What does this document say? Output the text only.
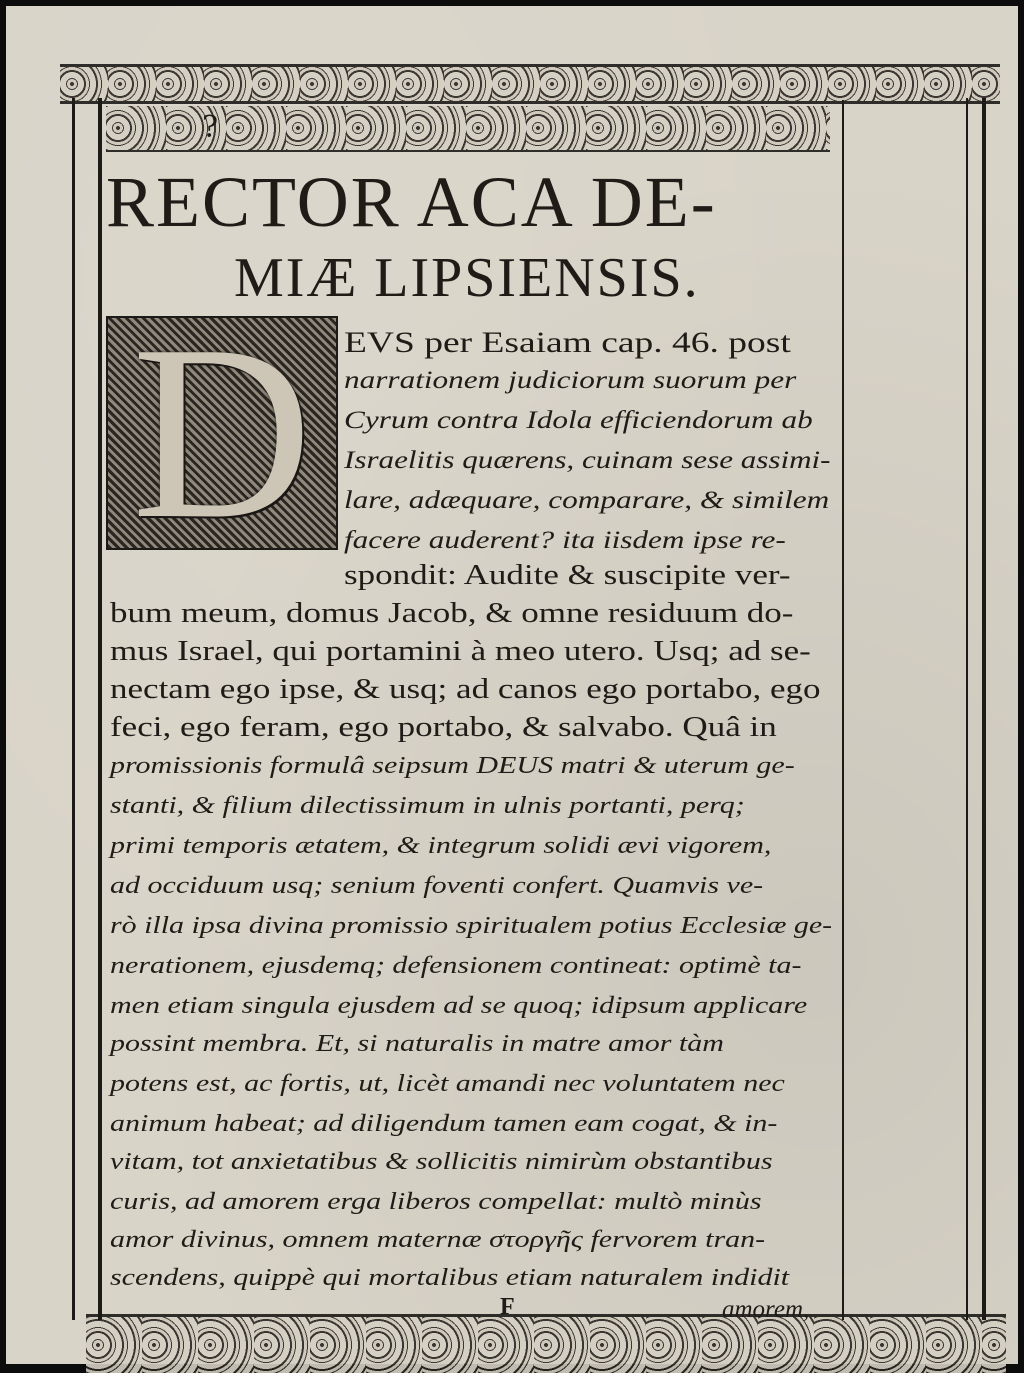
?
RECTOR ACA DE-
MIÆ LIPSIENSIS.
D	EVS per Esaiam cap. 46. post
narrationem judiciorum suorum per
Cyrum contra Idola efficiendorum ab
Israelitis quærens, cuinam sese assimi-
lare, adæquare, comparare, & similem
facere auderent? ita iisdem ipse re-
spondit: Audite & suscipite ver-
bum meum, domus Jacob, & omne residuum do-
mus Israel, qui portamini à meo utero. Usq; ad se-
nectam ego ipse, & usq; ad canos ego portabo, ego
feci, ego feram, ego portabo, & salvabo. Quâ in
promissionis formulâ seipsum DEUS matri & uterum ge-
stanti, & filium dilectissimum in ulnis portanti, perq;
primi temporis ætatem, & integrum solidi ævi vigorem,
ad occiduum usq; senium foventi confert. Quamvis ve-
rò illa ipsa divina promissio spiritualem potius Ecclesiæ ge-
nerationem, ejusdemq; defensionem contineat: optimè ta-
men etiam singula ejusdem ad se quoq; idipsum applicare
possint membra. Et, si naturalis in matre amor tàm
potens est, ac fortis, ut, licèt amandi nec voluntatem nec
animum habeat; ad diligendum tamen eam cogat, & in-
vitam, tot anxietatibus & sollicitis nimirùm obstantibus
curis, ad amorem erga liberos compellat: multò minùs
amor divinus, omnem maternæ στοργῆς fervorem tran-
scendens, quippè qui mortalibus etiam naturalem indidit
F	amorem,
